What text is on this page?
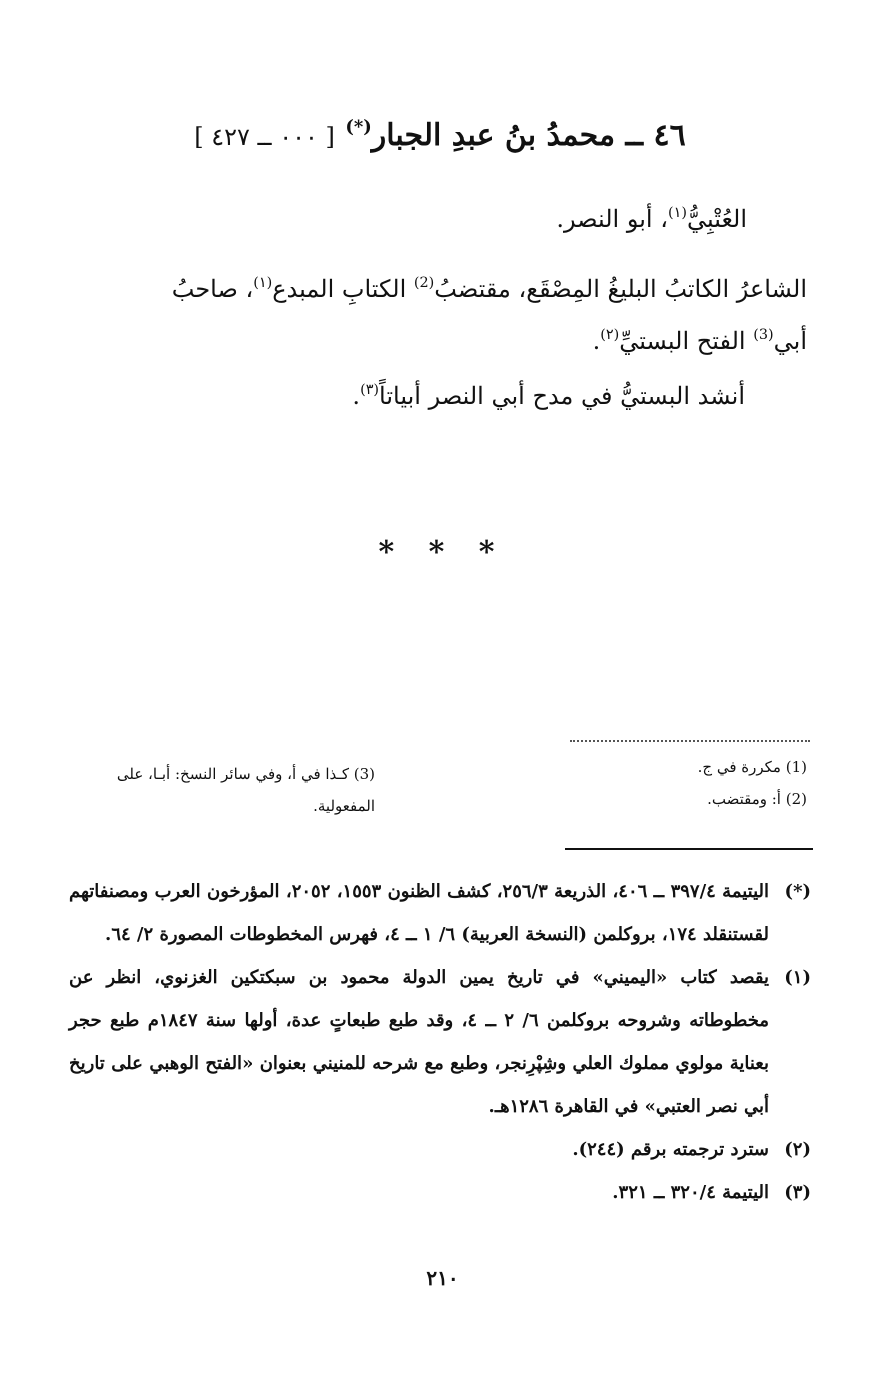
٤٦ ــ محمدُ بنُ عبدِ الجبار(*) [ ٠٠٠ ــ ٤٢٧ ]
العُتْبِيُّ$^{(١)}$، أبو النصر.
الشاعرُ الكاتبُ البليغُ المِصْقَع، مقتضبُ$^{(2)}$ الكتابِ المبدع$^{(١)}$، صاحبُ
أبي$^{(3)}$ الفتح البستيِّ$^{(٢)}$.
أنشد البستيُّ في مدح أبي النصر أبياتاً$^{(٣)}$.
* * *
(1) مكررة في ج.
(2) أ: ومقتضب.
(3) كـذا في أ، وفي سائر النسخ: أبـا، على المفعولية.
(*)
اليتيمة ٣٩٧/٤ ــ ٤٠٦، الذريعة ٢٥٦/٣، كشف الظنون ١٥٥٣، ٢٠٥٢، المؤرخون العرب ومصنفاتهم لقستنقلد ١٧٤، بروكلمن (النسخة العربية) ٦/ ١ ــ ٤، فهرس المخطوطات المصورة ٢/ ٦٤.
(١)
يقصد كتاب «اليميني» في تاريخ يمين الدولة محمود بن سبكتكين الغزنوي، انظر عن مخطوطاته وشروحه بروكلمن ٦/ ٢ ــ ٤، وقد طبع طبعاتٍ عدة، أولها سنة ١٨٤٧م طبع حجر بعناية مولوي مملوك العلي وشِپْرِنجر، وطبع مع شرحه للمنيني بعنوان «الفتح الوهبي على تاريخ أبي نصر العتبي» في القاهرة ١٢٨٦هـ.
(٢)
سترد ترجمته برقم (٢٤٤).
(٣)
اليتيمة ٣٢٠/٤ ــ ٣٢١.
٢١٠
